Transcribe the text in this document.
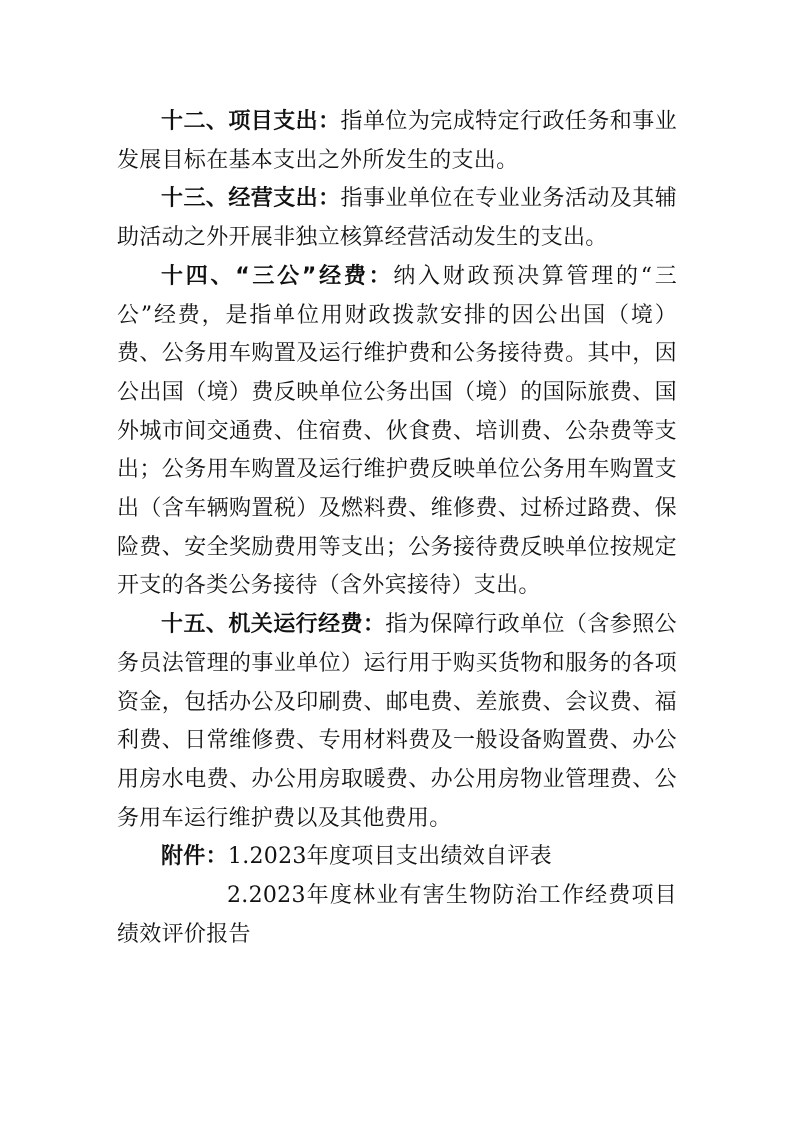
十二、项目支出：指单位为完成特定行政任务和事业发展目标在基本支出之外所发生的支出。

十三、经营支出：指事业单位在专业业务活动及其辅助活动之外开展非独立核算经营活动发生的支出。

十四、“三公”经费：纳入财政预决算管理的“三公”经费，是指单位用财政拨款安排的因公出国（境）费、公务用车购置及运行维护费和公务接待费。其中，因公出国（境）费反映单位公务出国（境）的国际旅费、国外城市间交通费、住宿费、伙食费、培训费、公杂费等支出；公务用车购置及运行维护费反映单位公务用车购置支出（含车辆购置税）及燃料费、维修费、过桥过路费、保险费、安全奖励费用等支出；公务接待费反映单位按规定开支的各类公务接待（含外宾接待）支出。

十五、机关运行经费：指为保障行政单位（含参照公务员法管理的事业单位）运行用于购买货物和服务的各项资金，包括办公及印刷费、邮电费、差旅费、会议费、福利费、日常维修费、专用材料费及一般设备购置费、办公用房水电费、办公用房取暖费、办公用房物业管理费、公务用车运行维护费以及其他费用。

附件：1.2023年度项目支出绩效自评表

2.2023年度林业有害生物防治工作经费项目绩效评价报告
